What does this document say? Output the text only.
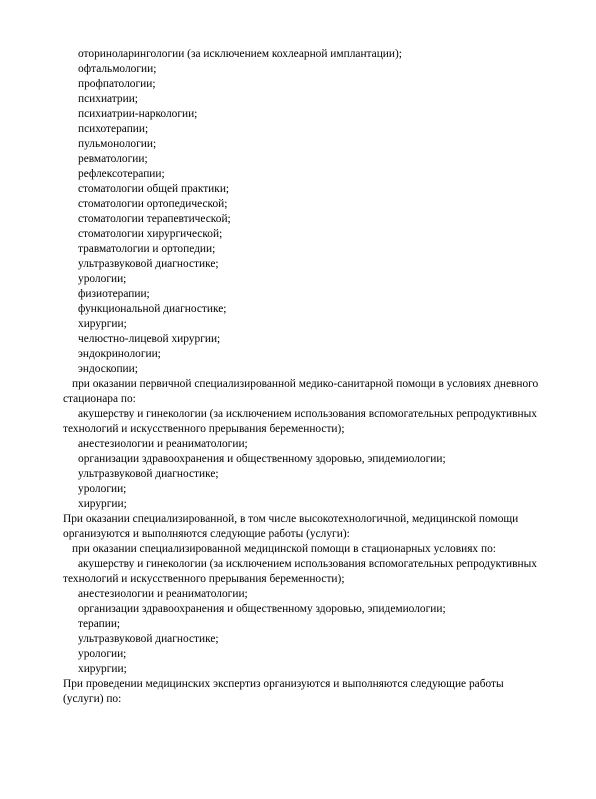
оториноларингологии (за исключением кохлеарной имплантации);
офтальмологии;
профпатологии;
психиатрии;
психиатрии-наркологии;
психотерапии;
пульмонологии;
ревматологии;
рефлексотерапии;
стоматологии общей практики;
стоматологии ортопедической;
стоматологии терапевтической;
стоматологии хирургической;
травматологии и ортопедии;
ультразвуковой диагностике;
урологии;
физиотерапии;
функциональной диагностике;
хирургии;
челюстно-лицевой хирургии;
эндокринологии;
эндоскопии;
при оказании первичной специализированной медико-санитарной помощи в условиях дневного
стационара по:
акушерству и гинекологии (за исключением использования вспомогательных репродуктивных
технологий и искусственного прерывания беременности);
анестезиологии и реаниматологии;
организации здравоохранения и общественному здоровью, эпидемиологии;
ультразвуковой диагностике;
урологии;
хирургии;
При оказании специализированной, в том числе высокотехнологичной, медицинской помощи
организуются и выполняются следующие работы (услуги):
при оказании специализированной медицинской помощи в стационарных условиях по:
акушерству и гинекологии (за исключением использования вспомогательных репродуктивных
технологий и искусственного прерывания беременности);
анестезиологии и реаниматологии;
организации здравоохранения и общественному здоровью, эпидемиологии;
терапии;
ультразвуковой диагностике;
урологии;
хирургии;
При проведении медицинских экспертиз организуются и выполняются следующие работы
(услуги) по:
